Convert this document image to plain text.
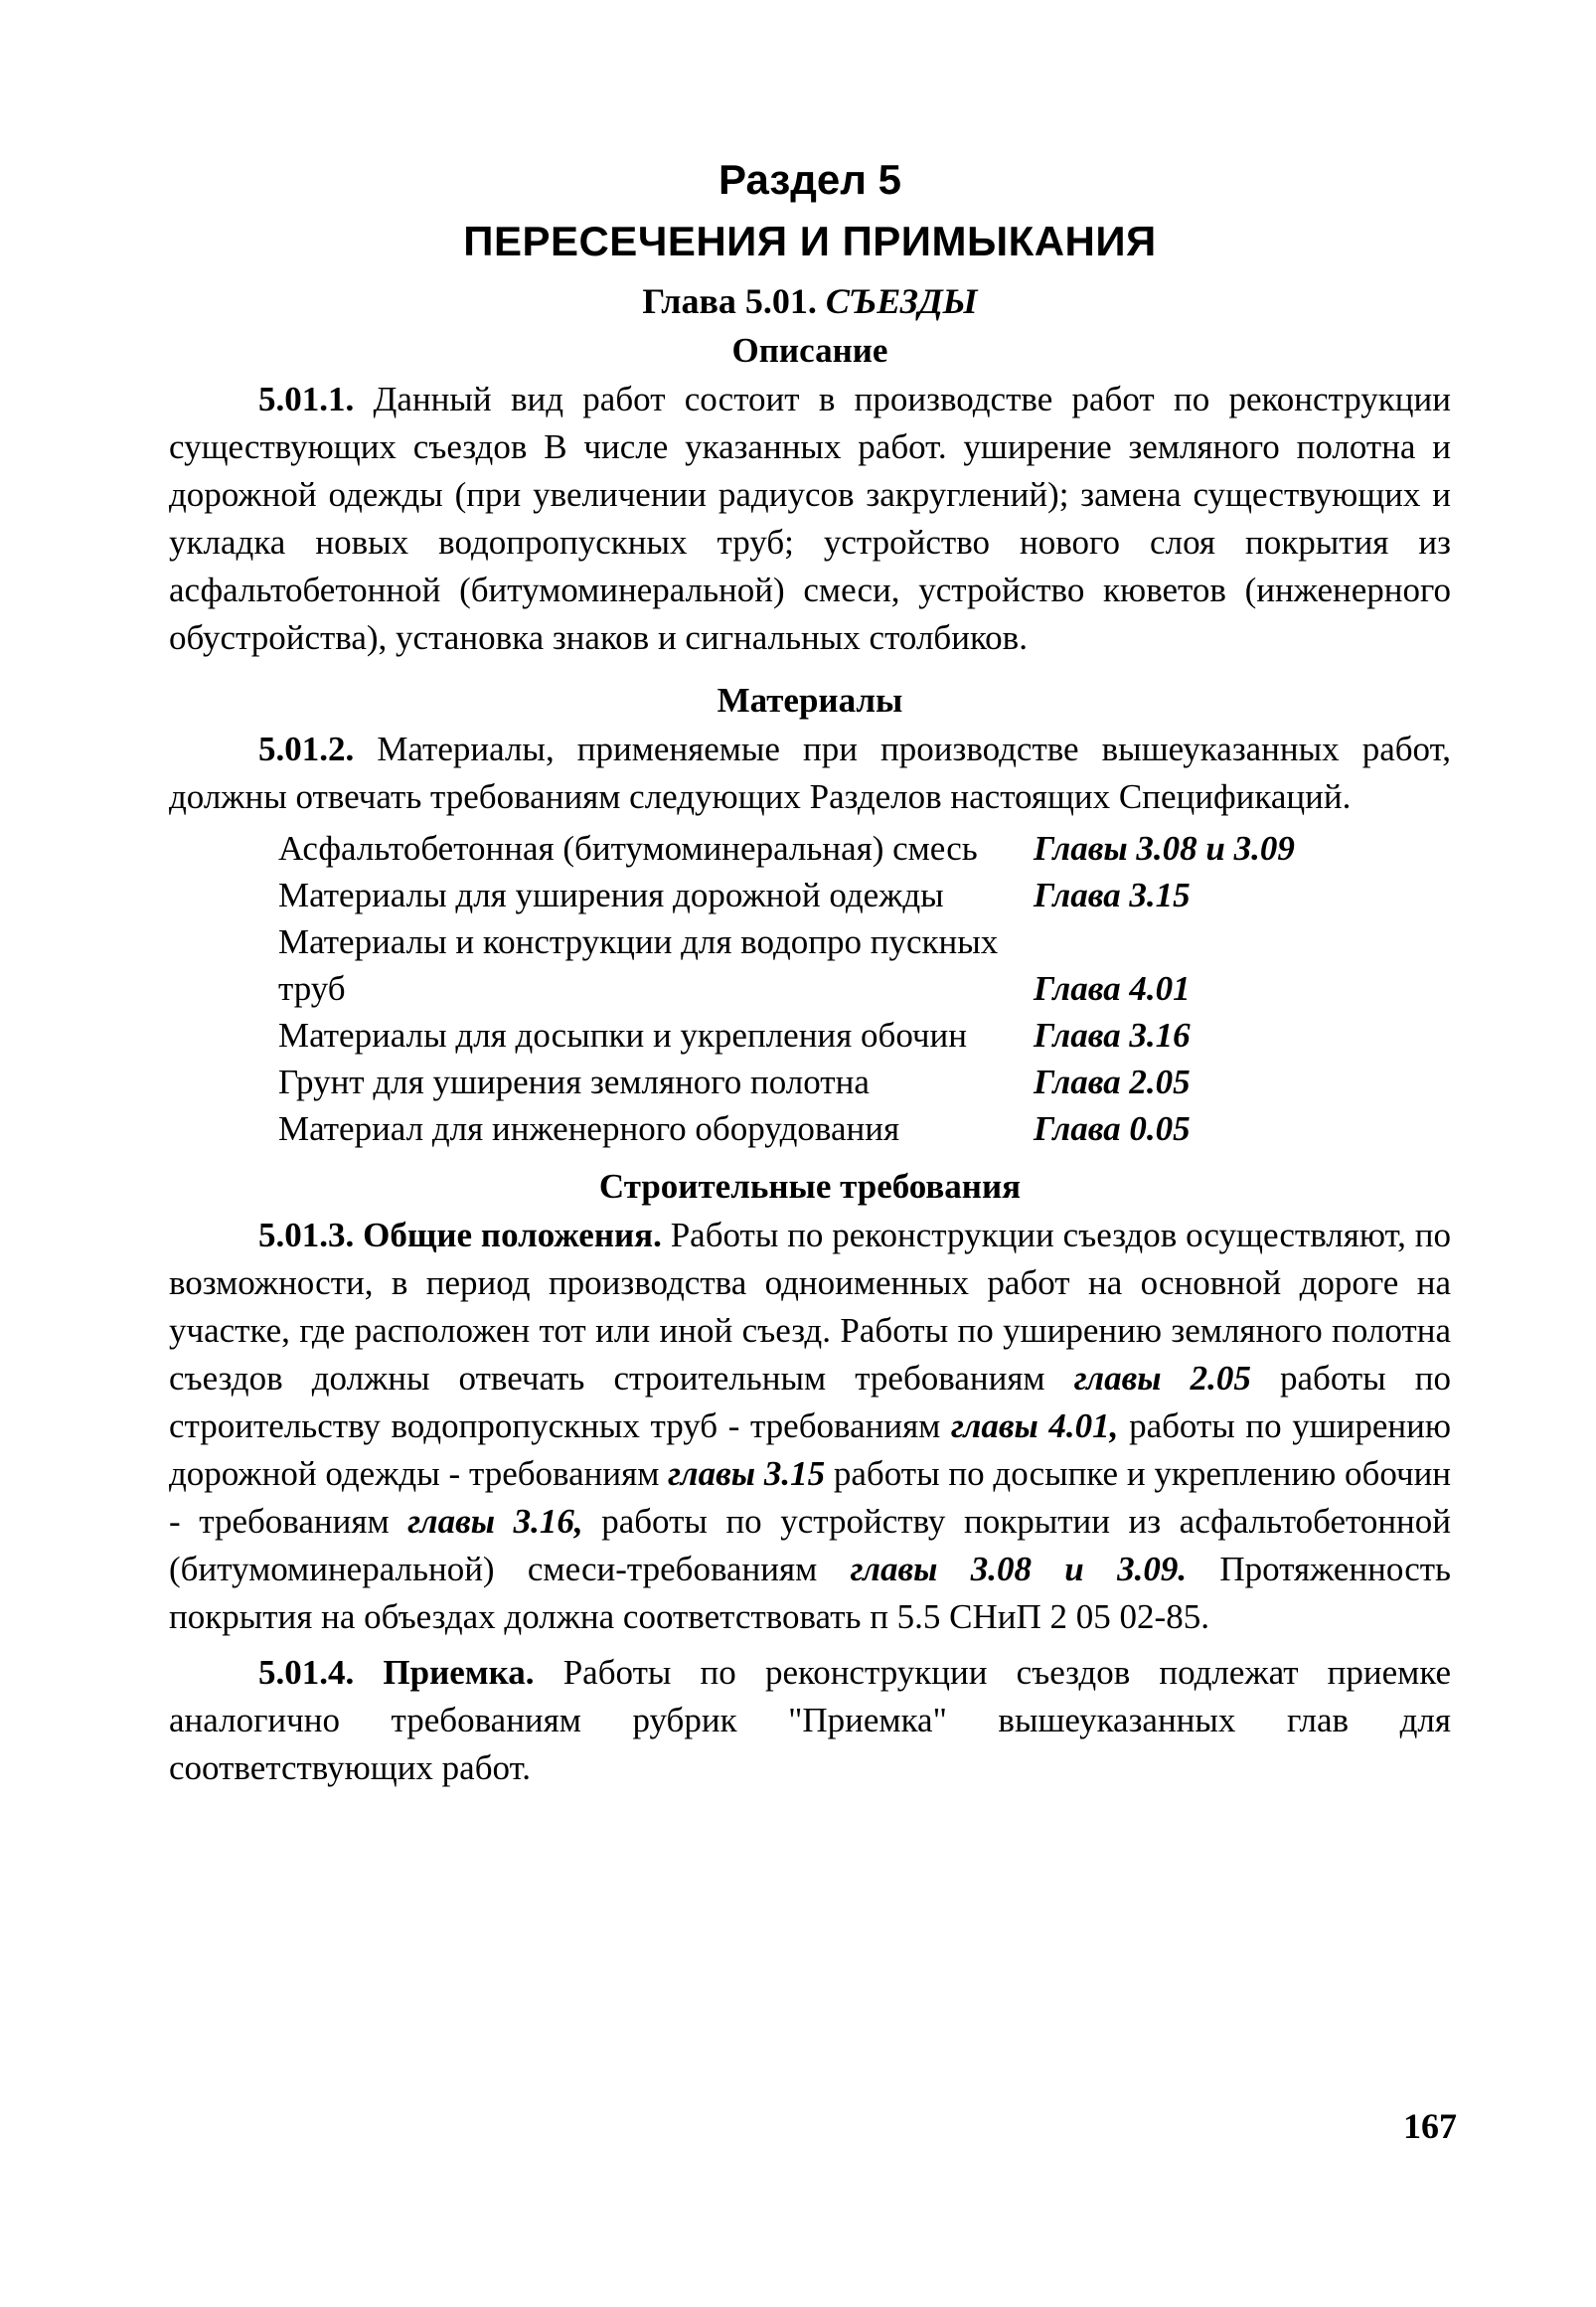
Раздел 5
ПЕРЕСЕЧЕНИЯ И ПРИМЫКАНИЯ
Глава 5.01. СЪЕЗДЫ
Описание

5.01.1. Данный вид работ состоит в производстве работ по реконструкции существующих съездов В числе указанных работ. уширение земляного полотна и дорожной одежды (при увеличении радиусов закруглений); замена существующих и укладка новых водопропускных труб; устройство нового слоя покрытия из асфальтобетонной (битумоминеральной) смеси, устройство кюветов (инженерного обустройства), установка знаков и сигнальных столбиков.

Материалы

5.01.2. Материалы, применяемые при производстве вышеуказанных работ, должны отвечать требованиям следующих Разделов настоящих Спецификаций.

Асфальтобетонная (битумоминеральная) смесь	Главы 3.08 и 3.09
Материалы для уширения дорожной одежды	Глава 3.15
Материалы и конструкции для водопро пускных труб	Глава 4.01
Материалы для досыпки и укрепления обочин	Глава 3.16
Грунт для уширения земляного полотна	Глава 2.05
Материал для инженерного оборудования	Глава 0.05
Строительные требования

5.01.3. Общие положения. Работы по реконструкции съездов осуществляют, по возможности, в период производства одноименных работ на основной дороге на участке, где расположен тот или иной съезд. Работы по уширению земляного полотна съездов должны отвечать строительным требованиям главы 2.05 работы по строительству водопропускных труб - требованиям главы 4.01, работы по уширению дорожной одежды - требованиям главы 3.15 работы по досыпке и укреплению обочин - требованиям главы 3.16, работы по устройству покрытии из асфальтобетонной (битумоминеральной) смеси-требованиям главы 3.08 и 3.09. Протяженность покрытия на объездах должна соответствовать п 5.5 СНиП 2 05 02-85.

5.01.4. Приемка. Работы по реконструкции съездов подлежат приемке аналогично требованиям рубрик "Приемка" вышеуказанных глав для соответствующих работ.

167
